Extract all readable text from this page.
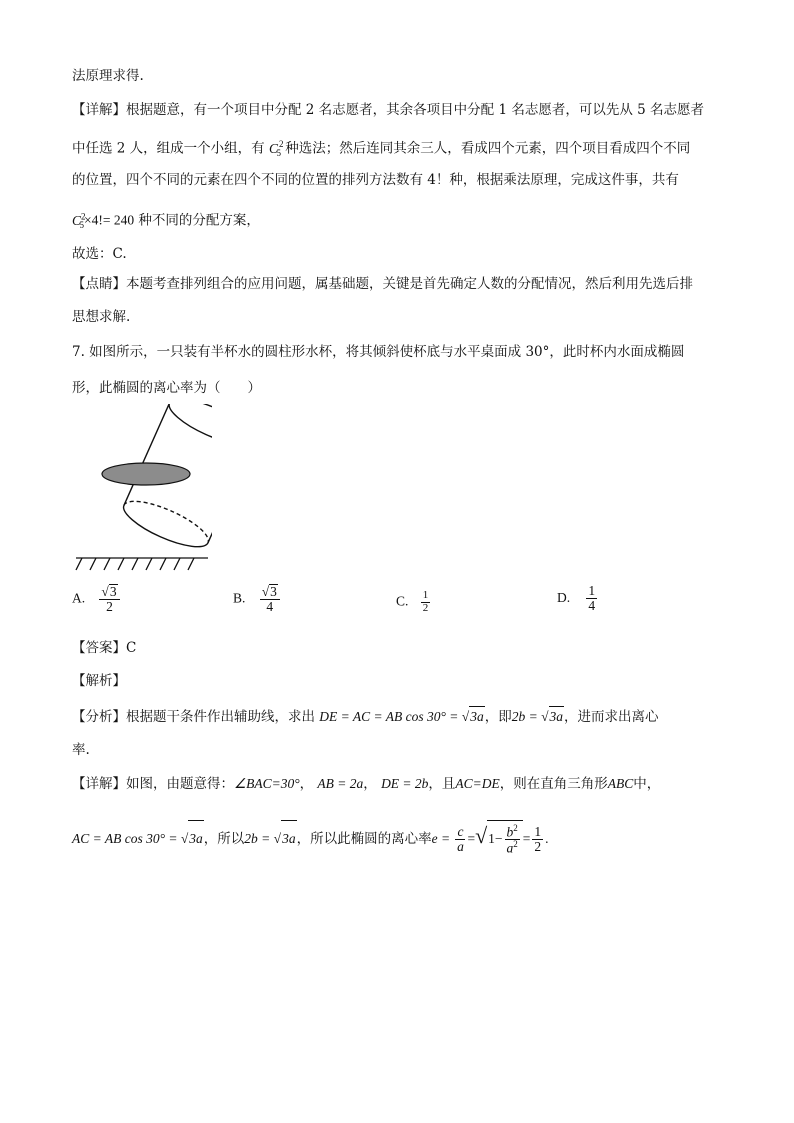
法原理求得.
【详解】根据题意，有一个项目中分配 2 名志愿者，其余各项目中分配 1 名志愿者，可以先从 5 名志愿者
中任选 2 人，组成一个小组，有 $C^2_5$ 种选法；然后连同其余三人，看成四个元素，四个项目看成四个不同
的位置，四个不同的元素在四个不同的位置的排列方法数有 4！种，根据乘法原理，完成这件事，共有
$C^2_5\times 4!= 240$ 种不同的分配方案，
故选：C.
【点睛】本题考查排列组合的应用问题，属基础题，关键是首先确定人数的分配情况，然后利用先选后排
思想求解.
7. 如图所示，一只装有半杯水的圆柱形水杯，将其倾斜使杯底与水平桌面成 30°，此时杯内水面成椭圆
形，此椭圆的离心率为（　　）
A. $\frac{√3}{2}$	B. $\frac{√3}{4}$	C. $\frac{1}{2}$	D. $\frac{1}{4}$
【答案】C
【解析】
【分析】根据题干条件作出辅助线，求出 DE = AC = AB cos 30° = √3a，即2b = √3a，进而求出离心
率.
【详解】如图，由题意得：∠BAC=30°， AB = 2a， DE = 2b，且AC=DE，则在直角三角形ABC中，
AC = AB cos 30° = √3a，所以2b = √3a，所以此椭圆的离心率$e = \frac{c}{a} =√1- \frac{b^2}{a^2} = \frac{1}{2}$ .
